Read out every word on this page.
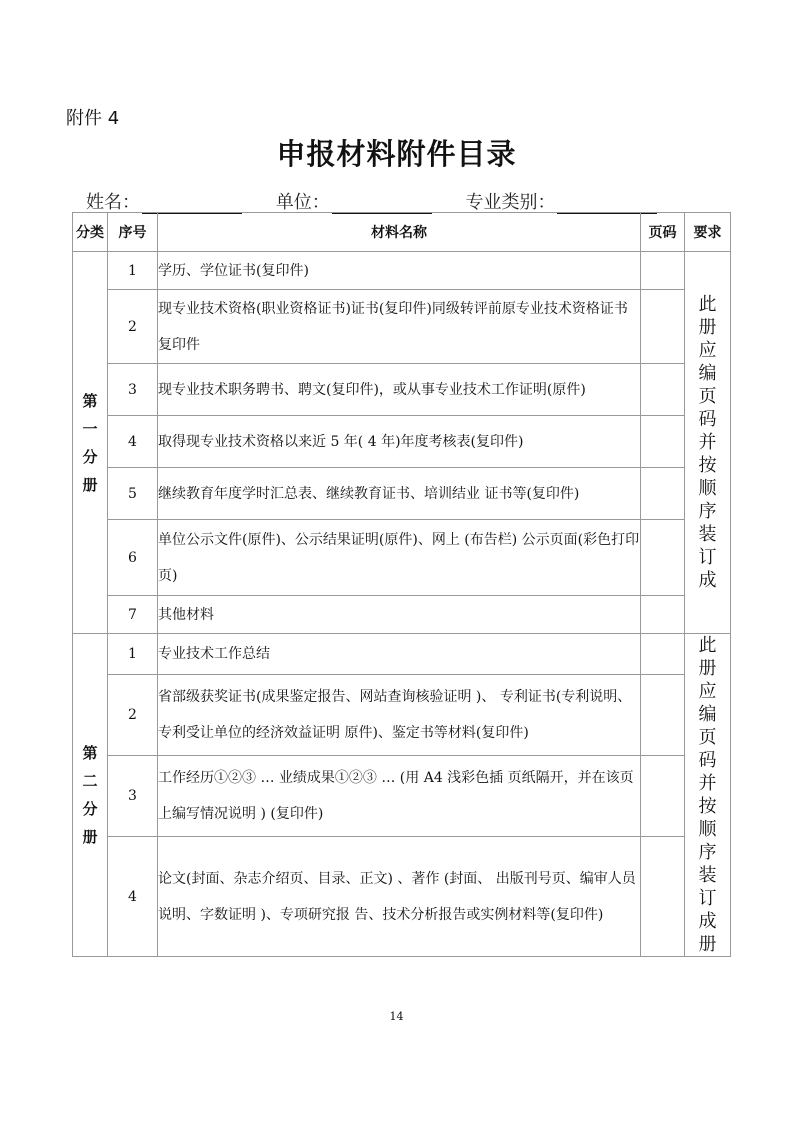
附件 4
申报材料附件目录
姓名：	单位：	专业类别：
分类	序号	材料名称	页码	要求

第一分册	1	学历、学位证书(复印件)		此册应编页码并按顺序装订成

	2	现专业技术资格(职业资格证书)证书(复印件)同级转评前原专业技术资格证书复印件		
	3	现专业技术职务聘书、聘文(复印件)，或从事专业技术工作证明(原件)		
	4	取得现专业技术资格以来近 5 年( 4 年)年度考核表(复印件)		
	5	继续教育年度学时汇总表、继续教育证书、培训结业 证书等(复印件)		
	6	单位公示文件(原件)、公示结果证明(原件)、网上 (布告栏) 公示页面(彩色打印页)		
	7	其他材料		

第二分册	1	专业技术工作总结		此册应编页码并按顺序装订成册

	2	省部级获奖证书(成果鉴定报告、网站查询核验证明 )、 专利证书(专利说明、专利受让单位的经济效益证明 原件)、鉴定书等材料(复印件)		
	3	工作经历①②③ … 业绩成果①②③ … (用 A4 浅彩色插 页纸隔开，并在该页上编写情况说明 ) (复印件)		
	4	论文(封面、杂志介绍页、目录、正文) 、著作 (封面、 出版刊号页、编审人员说明、字数证明 )、专项研究报 告、技术分析报告或实例材料等(复印件)		
14
